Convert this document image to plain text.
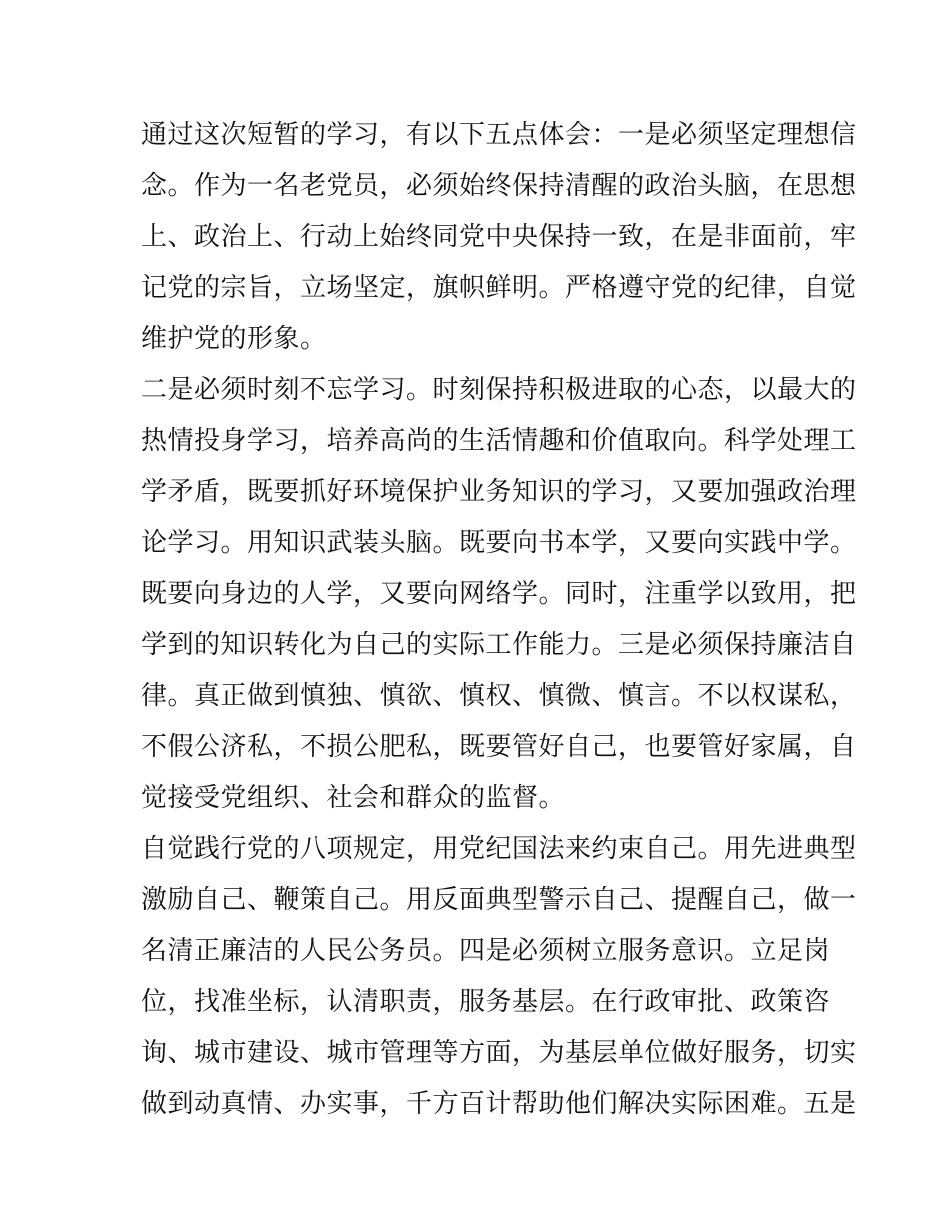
通过这次短暂的学习，有以下五点体会：一是必须坚定理想信
念。作为一名老党员，必须始终保持清醒的政治头脑，在思想
上、政治上、行动上始终同党中央保持一致，在是非面前，牢
记党的宗旨，立场坚定，旗帜鲜明。严格遵守党的纪律，自觉
维护党的形象。

二是必须时刻不忘学习。时刻保持积极进取的心态，以最大的
热情投身学习，培养高尚的生活情趣和价值取向。科学处理工
学矛盾，既要抓好环境保护业务知识的学习，又要加强政治理
论学习。用知识武装头脑。既要向书本学，又要向实践中学。
既要向身边的人学，又要向网络学。同时，注重学以致用，把
学到的知识转化为自己的实际工作能力。三是必须保持廉洁自
律。真正做到慎独、慎欲、慎权、慎微、慎言。不以权谋私，
不假公济私，不损公肥私，既要管好自己，也要管好家属，自
觉接受党组织、社会和群众的监督。

自觉践行党的八项规定，用党纪国法来约束自己。用先进典型
激励自己、鞭策自己。用反面典型警示自己、提醒自己，做一
名清正廉洁的人民公务员。四是必须树立服务意识。立足岗
位，找准坐标，认清职责，服务基层。在行政审批、政策咨
询、城市建设、城市管理等方面，为基层单位做好服务，切实
做到动真情、办实事，千方百计帮助他们解决实际困难。五是
